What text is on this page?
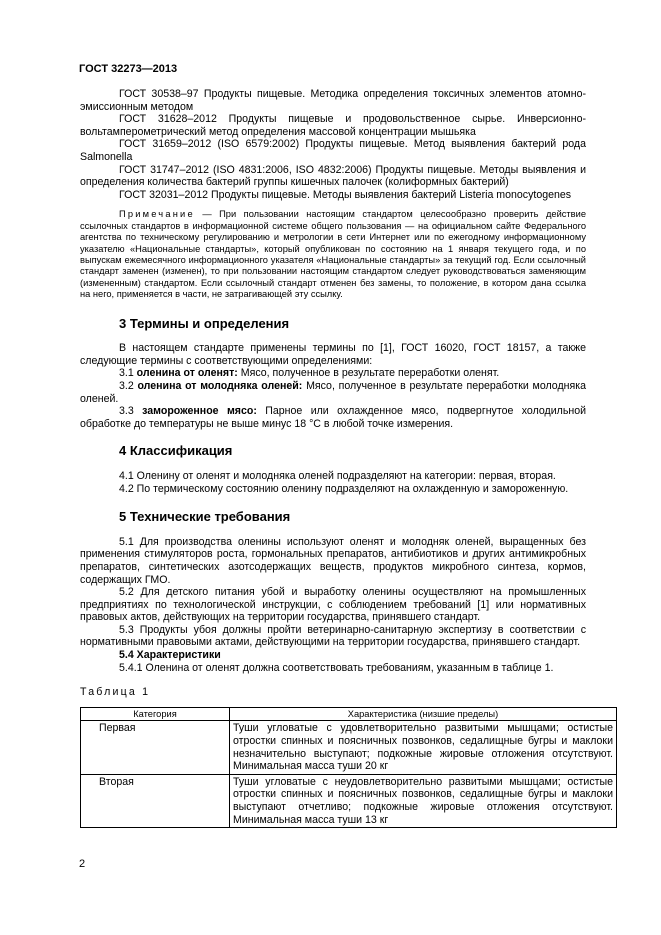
ГОСТ 32273—2013

ГОСТ 30538–97 Продукты пищевые. Методика определения токсичных элементов атомно-эмиссионным методом

ГОСТ 31628–2012 Продукты пищевые и продовольственное сырье. Инверсионно-вольтамперометрический метод определения массовой концентрации мышьяка

ГОСТ 31659–2012 (ISO 6579:2002) Продукты пищевые. Метод выявления бактерий рода Salmonella

ГОСТ 31747–2012 (ISO 4831:2006, ISO 4832:2006) Продукты пищевые. Методы выявления и определения количества бактерий группы кишечных палочек (колиформных бактерий)

ГОСТ 32031–2012 Продукты пищевые. Методы выявления бактерий Listeria monocytogenes

Примечание — При пользовании настоящим стандартом целесообразно проверить действие ссылочных стандартов в информационной системе общего пользования — на официальном сайте Федерального агентства по техническому регулированию и метрологии в сети Интернет или по ежегодному информационному указателю «Национальные стандарты», который опубликован по состоянию на 1 января текущего года, и по выпускам ежемесячного информационного указателя «Национальные стандарты» за текущий год. Если ссылочный стандарт заменен (изменен), то при пользовании настоящим стандартом следует руководствоваться заменяющим (измененным) стандартом. Если ссылочный стандарт отменен без замены, то положение, в котором дана ссылка на него, применяется в части, не затрагивающей эту ссылку.

3 Термины и определения

В настоящем стандарте применены термины по [1], ГОСТ 16020, ГОСТ 18157, а также следующие термины с соответствующими определениями:

3.1 оленина от оленят: Мясо, полученное в результате переработки оленят.

3.2 оленина от молодняка оленей: Мясо, полученное в результате переработки молодняка оленей.

3.3 замороженное мясо: Парное или охлажденное мясо, подвергнутое холодильной обработке до температуры не выше минус 18 °С в любой точке измерения.

4 Классификация

4.1 Оленину от оленят и молодняка оленей подразделяют на категории: первая, вторая.

4.2 По термическому состоянию оленину подразделяют на охлажденную и замороженную.

5 Технические требования

5.1 Для производства оленины используют оленят и молодняк оленей, выращенных без применения стимуляторов роста, гормональных препаратов, антибиотиков и других антимикробных препаратов, синтетических азотсодержащих веществ, продуктов микробного синтеза, кормов, содержащих ГМО.

5.2 Для детского питания убой и выработку оленины осуществляют на промышленных предприятиях по технологической инструкции, с соблюдением требований [1] или нормативных правовых актов, действующих на территории государства, принявшего стандарт.

5.3 Продукты убоя должны пройти ветеринарно-санитарную экспертизу в соответствии с нормативными правовыми актами, действующими на территории государства, принявшего стандарт.

5.4 Характеристики

5.4.1 Оленина от оленят должна соответствовать требованиям, указанным в таблице 1.

Таблица 1

Категория	Характеристика (низшие пределы)
Первая	Туши угловатые с удовлетворительно развитыми мышцами; остистые отростки спинных и поясничных позвонков, седалищные бугры и маклоки незначительно выступают; подкожные жировые отложения отсутствуют. Минимальная масса туши 20 кг
Вторая	Туши угловатые с неудовлетворительно развитыми мышцами; остистые отростки спинных и поясничных позвонков, седалищные бугры и маклоки выступают отчетливо; подкожные жировые отложения отсутствуют. Минимальная масса туши 13 кг
2
